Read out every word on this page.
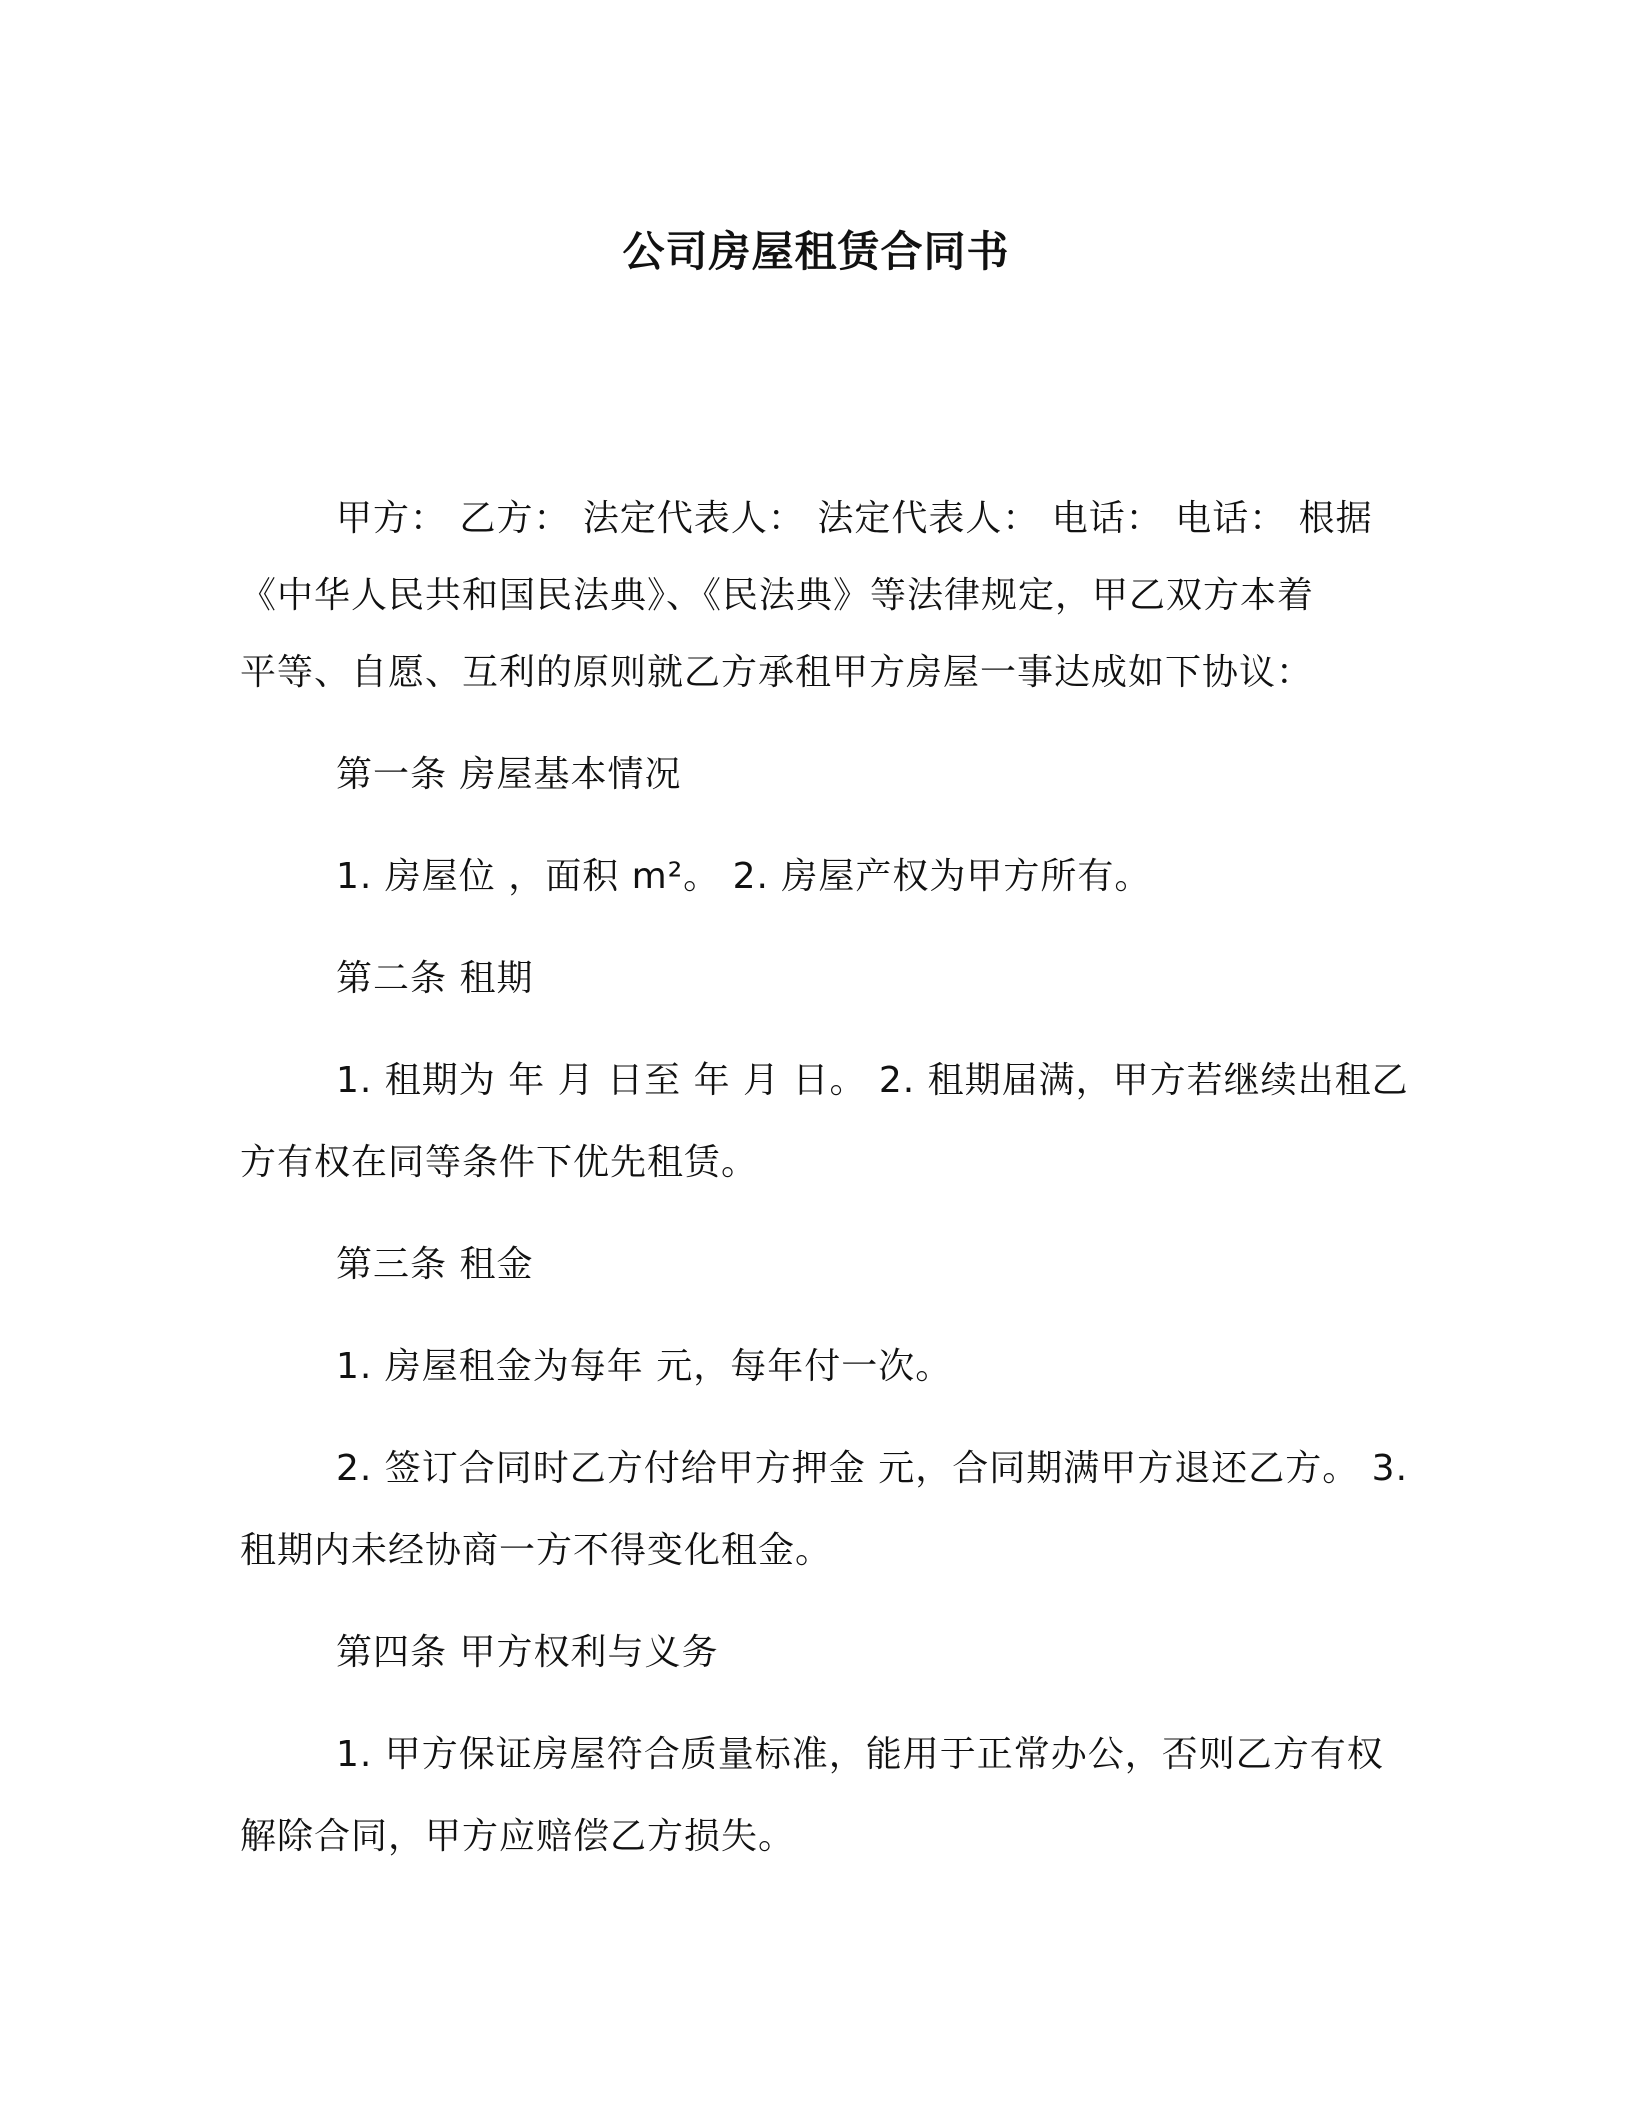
公司房屋租赁合同书
甲方： 乙方： 法定代表人： 法定代表人： 电话： 电话： 根据
《中华人民共和国民法典》、《民法典》等法律规定，甲乙双方本着
平等、自愿、互利的原则就乙方承租甲方房屋一事达成如下协议：
第一条 房屋基本情况
1. 房屋位 ，面积 m²。 2. 房屋产权为甲方所有。
第二条 租期
1. 租期为 年 月 日至 年 月 日。 2. 租期届满，甲方若继续出租乙
方有权在同等条件下优先租赁。
第三条 租金
1. 房屋租金为每年 元，每年付一次。
2. 签订合同时乙方付给甲方押金 元，合同期满甲方退还乙方。 3.
租期内未经协商一方不得变化租金。
第四条 甲方权利与义务
1. 甲方保证房屋符合质量标准，能用于正常办公，否则乙方有权
解除合同，甲方应赔偿乙方损失。
